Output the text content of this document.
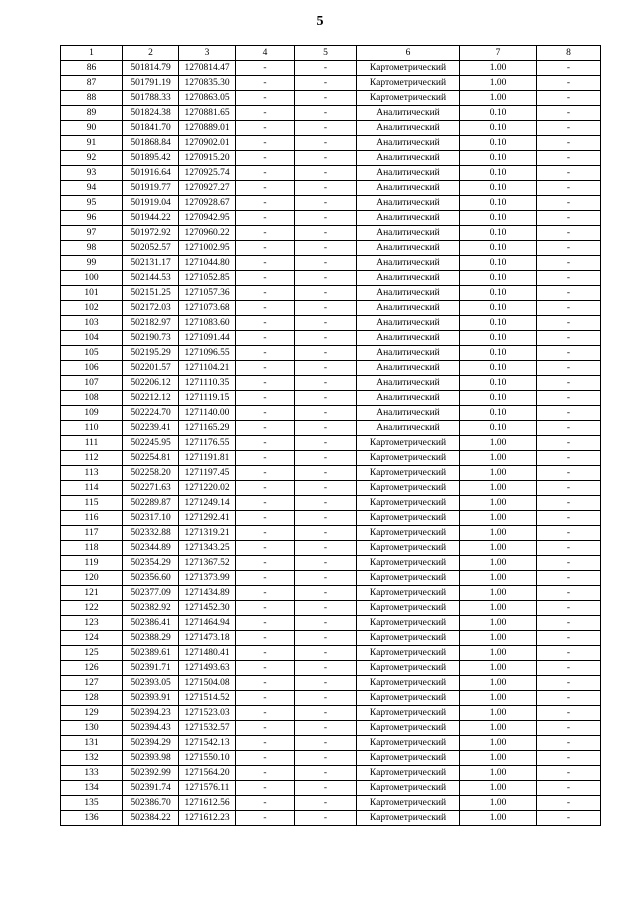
5
1	2	3	4	5	6	7	8
86	501814.79	1270814.47	-	-	Картометрический	1.00	-
87	501791.19	1270835.30	-	-	Картометрический	1.00	-
88	501788.33	1270863.05	-	-	Картометрический	1.00	-
89	501824.38	1270881.65	-	-	Аналитический	0.10	-
90	501841.70	1270889.01	-	-	Аналитический	0.10	-
91	501868.84	1270902.01	-	-	Аналитический	0.10	-
92	501895.42	1270915.20	-	-	Аналитический	0.10	-
93	501916.64	1270925.74	-	-	Аналитический	0.10	-
94	501919.77	1270927.27	-	-	Аналитический	0.10	-
95	501919.04	1270928.67	-	-	Аналитический	0.10	-
96	501944.22	1270942.95	-	-	Аналитический	0.10	-
97	501972.92	1270960.22	-	-	Аналитический	0.10	-
98	502052.57	1271002.95	-	-	Аналитический	0.10	-
99	502131.17	1271044.80	-	-	Аналитический	0.10	-
100	502144.53	1271052.85	-	-	Аналитический	0.10	-
101	502151.25	1271057.36	-	-	Аналитический	0.10	-
102	502172.03	1271073.68	-	-	Аналитический	0.10	-
103	502182.97	1271083.60	-	-	Аналитический	0.10	-
104	502190.73	1271091.44	-	-	Аналитический	0.10	-
105	502195.29	1271096.55	-	-	Аналитический	0.10	-
106	502201.57	1271104.21	-	-	Аналитический	0.10	-
107	502206.12	1271110.35	-	-	Аналитический	0.10	-
108	502212.12	1271119.15	-	-	Аналитический	0.10	-
109	502224.70	1271140.00	-	-	Аналитический	0.10	-
110	502239.41	1271165.29	-	-	Аналитический	0.10	-
111	502245.95	1271176.55	-	-	Картометрический	1.00	-
112	502254.81	1271191.81	-	-	Картометрический	1.00	-
113	502258.20	1271197.45	-	-	Картометрический	1.00	-
114	502271.63	1271220.02	-	-	Картометрический	1.00	-
115	502289.87	1271249.14	-	-	Картометрический	1.00	-
116	502317.10	1271292.41	-	-	Картометрический	1.00	-
117	502332.88	1271319.21	-	-	Картометрический	1.00	-
118	502344.89	1271343.25	-	-	Картометрический	1.00	-
119	502354.29	1271367.52	-	-	Картометрический	1.00	-
120	502356.60	1271373.99	-	-	Картометрический	1.00	-
121	502377.09	1271434.89	-	-	Картометрический	1.00	-
122	502382.92	1271452.30	-	-	Картометрический	1.00	-
123	502386.41	1271464.94	-	-	Картометрический	1.00	-
124	502388.29	1271473.18	-	-	Картометрический	1.00	-
125	502389.61	1271480.41	-	-	Картометрический	1.00	-
126	502391.71	1271493.63	-	-	Картометрический	1.00	-
127	502393.05	1271504.08	-	-	Картометрический	1.00	-
128	502393.91	1271514.52	-	-	Картометрический	1.00	-
129	502394.23	1271523.03	-	-	Картометрический	1.00	-
130	502394.43	1271532.57	-	-	Картометрический	1.00	-
131	502394.29	1271542.13	-	-	Картометрический	1.00	-
132	502393.98	1271550.10	-	-	Картометрический	1.00	-
133	502392.99	1271564.20	-	-	Картометрический	1.00	-
134	502391.74	1271576.11	-	-	Картометрический	1.00	-
135	502386.70	1271612.56	-	-	Картометрический	1.00	-
136	502384.22	1271612.23	-	-	Картометрический	1.00	-
